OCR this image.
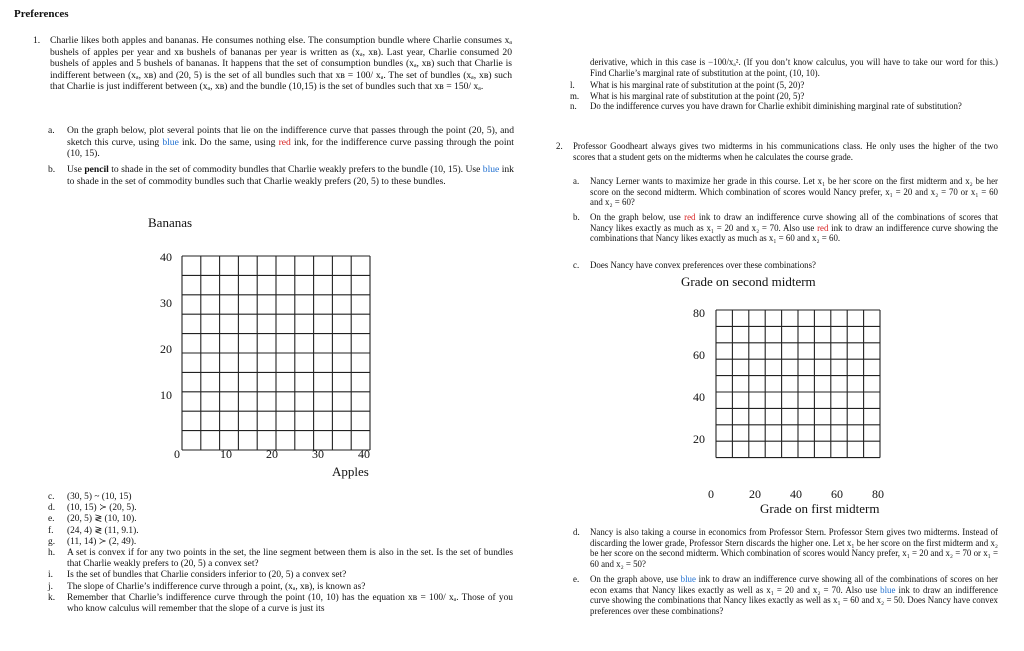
Preferences
1. Charlie likes both apples and bananas. He consumes nothing else. The consumption bundle where Charlie consumes xₐ bushels of apples per year and xʙ bushels of bananas per year is written as (xₐ, xʙ). Last year, Charlie consumed 20 bushels of apples and 5 bushels of bananas. It happens that the set of consumption bundles (xₐ, xʙ) such that Charlie is indifferent between (xₐ, xʙ) and (20, 5) is the set of all bundles such that xʙ = 100/ xₐ. The set of bundles (xₐ, xʙ) such that Charlie is just indifferent between (xₐ, xʙ) and the bundle (10,15) is the set of bundles such that xʙ = 150/ xₐ.
a. On the graph below, plot several points that lie on the indifference curve that passes through the point (20, 5), and sketch this curve, using blue ink. Do the same, using red ink, for the indifference curve passing through the point (10, 15).
b. Use pencil to shade in the set of commodity bundles that Charlie weakly prefers to the bundle (10, 15). Use blue ink to shade in the set of commodity bundles such that Charlie weakly prefers (20, 5) to these bundles.
Bananas
40
30
20
10
0	10	20	30	40
Apples
c.	(30, 5) ~ (10, 15)
d.	(10, 15) ≻ (20, 5).
e.	(20, 5) ≷ (10, 10).
f.	(24, 4) ≷ (11, 9.1).
g.	(11, 14) ≻ (2, 49).
h.	A set is convex if for any two points in the set, the line segment between them is also in the set. Is the set of bundles that Charlie weakly prefers to (20, 5) a convex set?
i.	Is the set of bundles that Charlie considers inferior to (20, 5) a convex set?
j.	The slope of Charlie’s indifference curve through a point, (xₐ, xʙ), is known as?
k.	Remember that Charlie’s indifference curve through the point (10, 10) has the equation xʙ = 100/ xₐ. Those of you who know calculus will remember that the slope of a curve is just its
derivative, which in this case is −100/xₐ². (If you don’t know calculus, you will have to take our word for this.) Find Charlie’s marginal rate of substitution at the point, (10, 10).
l.	What is his marginal rate of substitution at the point (5, 20)?
m.	What is his marginal rate of substitution at the point (20, 5)?
n.	Do the indifference curves you have drawn for Charlie exhibit diminishing marginal rate of substitution?
2. Professor Goodheart always gives two midterms in his communications class. He only uses the higher of the two scores that a student gets on the midterms when he calculates the course grade.
a. Nancy Lerner wants to maximize her grade in this course. Let x₁ be her score on the first midterm and x₂ be her score on the second midterm. Which combination of scores would Nancy prefer, x₁ = 20 and x₂ = 70 or x₁ = 60 and x₂ = 60?
b. On the graph below, use red ink to draw an indifference curve showing all of the combinations of scores that Nancy likes exactly as much as x₁ = 20 and x₂ = 70. Also use red ink to draw an indifference curve showing the combinations that Nancy likes exactly as much as x₁ = 60 and x₂ = 60.
c. Does Nancy have convex preferences over these combinations?
Grade on second midterm
80
60
40
20
0	20 40 60 80
Grade on first midterm
d. Nancy is also taking a course in economics from Professor Stern. Professor Stern gives two midterms. Instead of discarding the lower grade, Professor Stern discards the higher one. Let x₁ be her score on the first midterm and x₂ be her score on the second midterm. Which combination of scores would Nancy prefer, x₁ = 20 and x₂ = 70 or x₁ = 60 and x₂ = 50?
e. On the graph above, use blue ink to draw an indifference curve showing all of the combinations of scores on her econ exams that Nancy likes exactly as well as x₁ = 20 and x₂ = 70. Also use blue ink to draw an indifference curve showing the combinations that Nancy likes exactly as well as x₁ = 60 and x₂ = 50. Does Nancy have convex preferences over these combinations?
